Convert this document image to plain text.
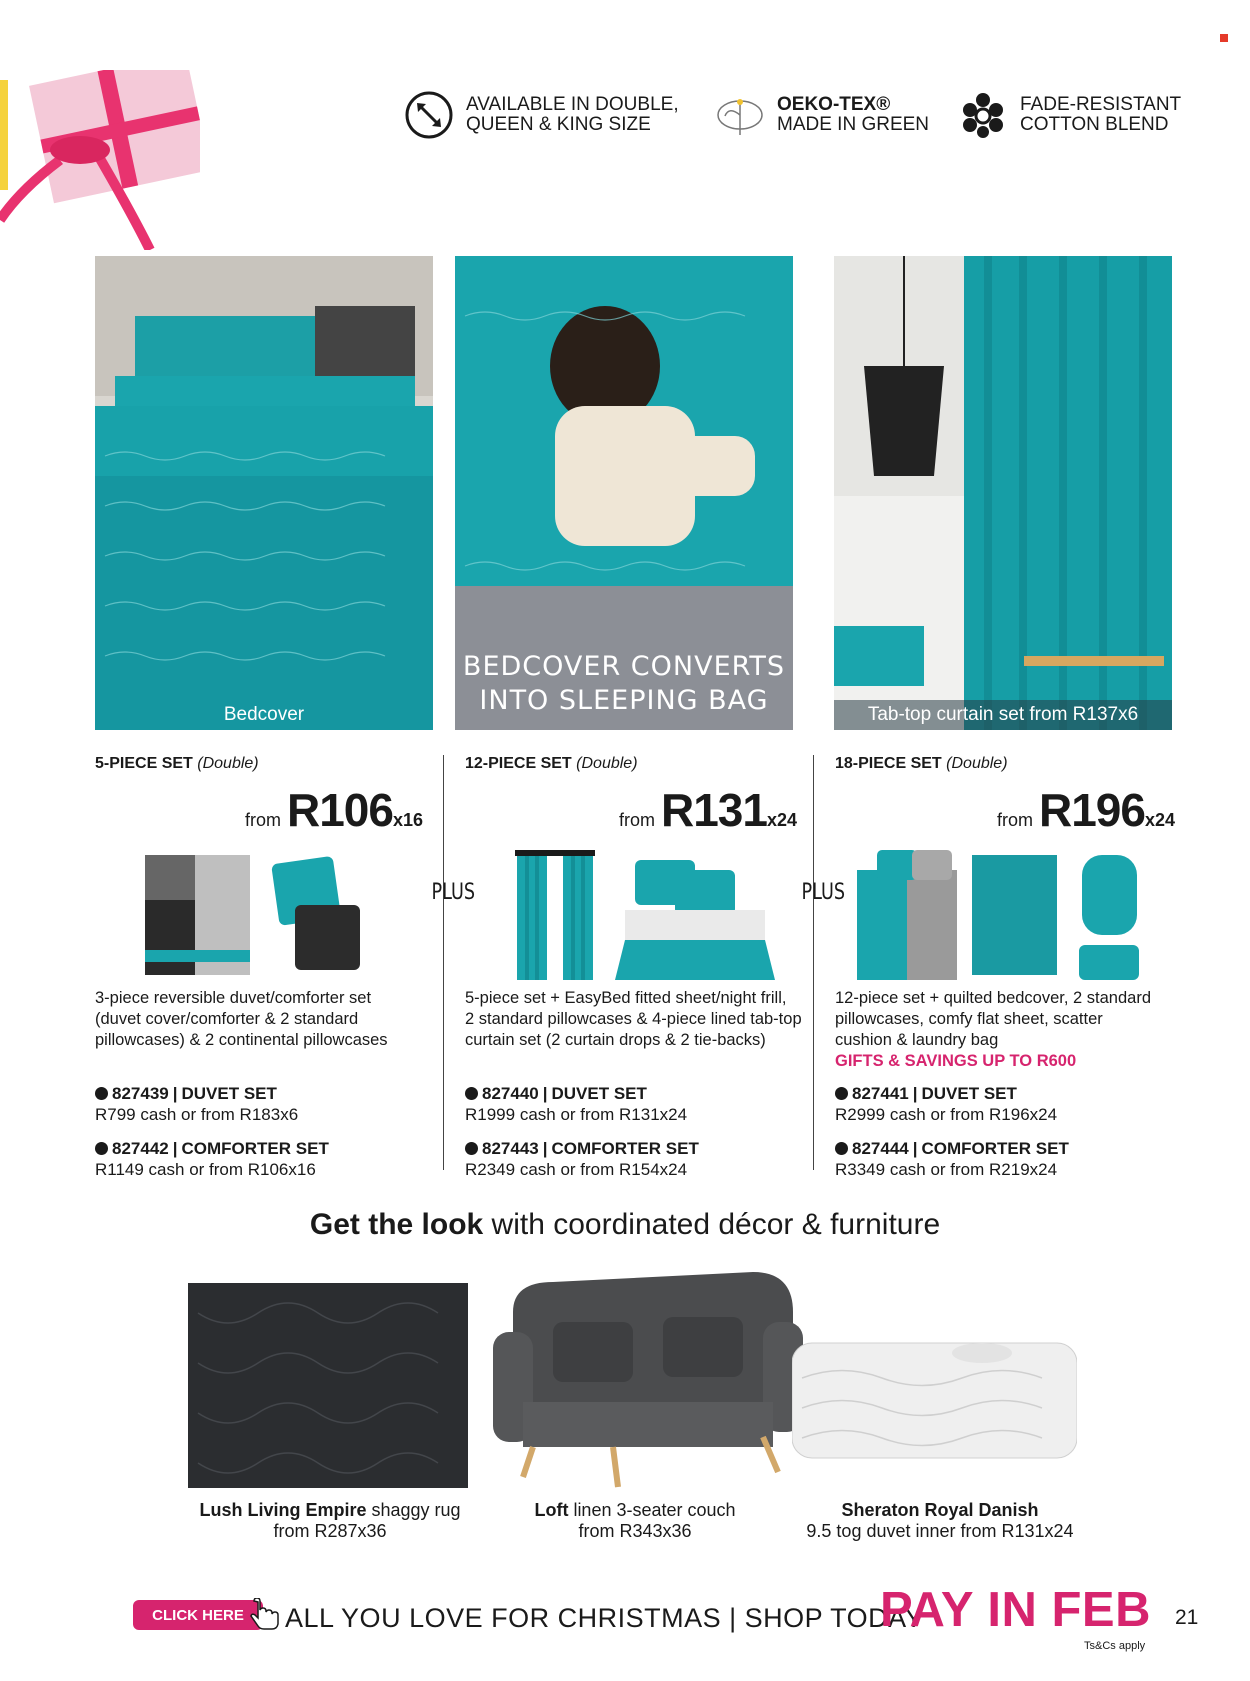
AVAILABLE IN DOUBLE,
QUEEN & KING SIZE
OEKO-TEX®
MADE IN GREEN
FADE-RESISTANT
COTTON BLEND
Bedcover
BEDCOVER CONVERTS
INTO SLEEPING BAG	Tab-top curtain set from R137x6
PLUS	PLUS
5-PIECE SET (Double)
from R106 x16
3-piece reversible duvet/comforter set
(duvet cover/comforter & 2 standard
pillowcases) & 2 continental pillowcases
827439 | DUVET SET
R799 cash or from R183x6
827442 | COMFORTER SET
R1149 cash or from R106x16
12-PIECE SET (Double)
from R131 x24
5-piece set + EasyBed fitted sheet/night frill,
2 standard pillowcases & 4-piece lined tab-top
curtain set (2 curtain drops & 2 tie-backs)
827440 | DUVET SET
R1999 cash or from R131x24
827443 | COMFORTER SET
R2349 cash or from R154x24
18-PIECE SET (Double)
from R196 x24
12-piece set + quilted bedcover, 2 standard
pillowcases, comfy flat sheet, scatter
cushion & laundry bag
GIFTS & SAVINGS UP TO R600
827441 | DUVET SET
R2999 cash or from R196x24
827444 | COMFORTER SET
R3349 cash or from R219x24
Get the look with coordinated décor & furniture
Lush Living Empire shaggy rug
from R287x36
Loft linen 3-seater couch
from R343x36
Sheraton Royal Danish
9.5 tog duvet inner from R131x24
CLICK HERE ALL YOU LOVE FOR CHRISTMAS | SHOP TODAY
PAY IN FEB 21
Ts&Cs apply
